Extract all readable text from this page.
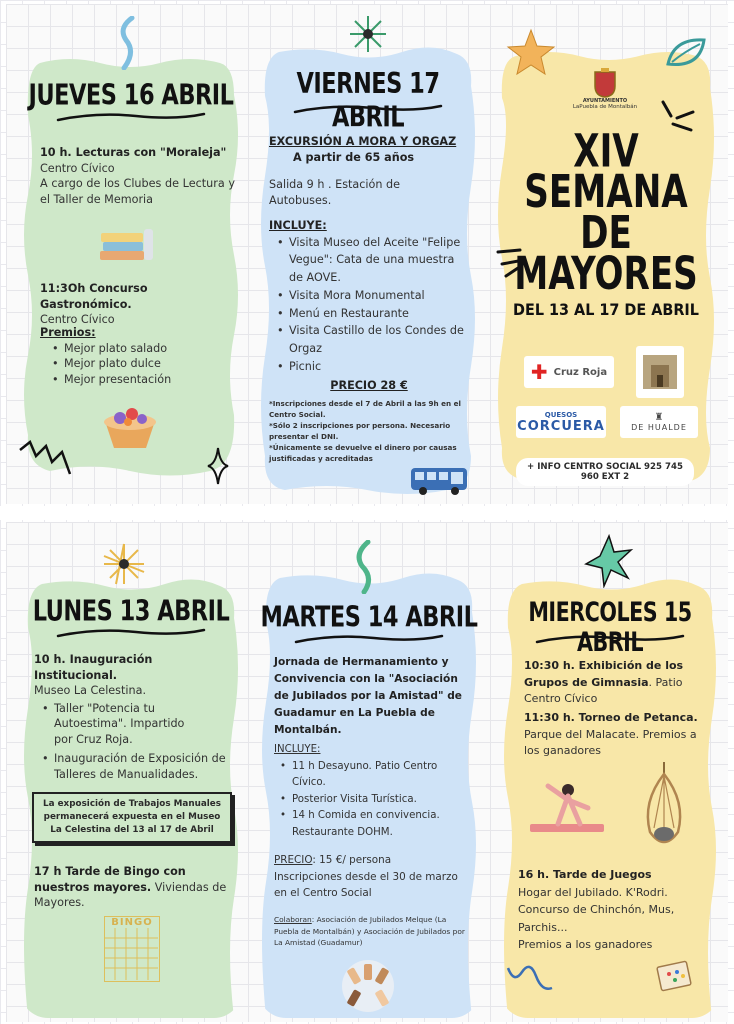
JUEVES 16 ABRIL
10 h. Lecturas con "Moraleja"
Centro Cívico
A cargo de los Clubes de Lectura y el Taller de Memoria
11:3Oh Concurso Gastronómico.
Centro Cívico
Premios:
• Mejor plato salado
• Mejor plato dulce
• Mejor presentación
VIERNES 17 ABRIL
EXCURSIÓN A MORA Y ORGAZ
A partir de 65 años
Salida 9 h . Estación de Autobuses.
INCLUYE:
• Visita Museo del Aceite "Felipe Vegue": Cata de una muestra de AOVE.
• Visita Mora Monumental
• Menú en Restaurante
• Visita Castillo de los Condes de Orgaz
• Picnic
PRECIO 28 €
*Inscripciones desde el 7 de Abril a las 9h en el Centro Social.
*Sólo 2 inscripciones por persona. Necesario presentar el DNI.
*Únicamente se devuelve el dinero por causas justificadas y acreditadas
AYUNTAMIENTO
LaPuebla de Montalbán
XIV
SEMANA
DE
MAYORES
DEL 13 AL 17 DE ABRIL
✚ Cruz Roja
QUESOS
CORCUERA
♜
DE HUALDE
+ INFO CENTRO SOCIAL 925 745 960 EXT 2
LUNES 13 ABRIL
10 h. Inauguración Institucional.
Museo La Celestina.
• Taller "Potencia tu Autoestima". Impartido por Cruz Roja.
• Inauguración de Exposición de Talleres de Manualidades.
La exposición de Trabajos Manuales permanecerá expuesta en el Museo La Celestina del 13 al 17 de Abril
17 h Tarde de Bingo con nuestros mayores. Viviendas de Mayores.
BINGO
MARTES 14 ABRIL
Jornada de Hermanamiento y Convivencia con la "Asociación de Jubilados por la Amistad" de Guadamur en La Puebla de Montalbán.
INCLUYE:
• 11 h Desayuno. Patio Centro Cívico.
• Posterior Visita Turística.
• 14 h Comida en convivencia. Restaurante DOHM.
PRECIO: 15 €/ persona
Inscripciones desde el 30 de marzo en el Centro Social
Colaboran: Asociación de Jubilados Melque (La Puebla de Montalbán) y Asociación de Jubilados por La Amistad (Guadamur)
MIERCOLES 15 ABRIL
10:30 h. Exhibición de los Grupos de Gimnasia. Patio Centro Cívico
11:30 h. Torneo de Petanca.
Parque del Malacate. Premios a los ganadores
16 h. Tarde de Juegos
Hogar del Jubilado. K'Rodri.
Concurso de Chinchón, Mus, Parchis...
Premios a los ganadores
